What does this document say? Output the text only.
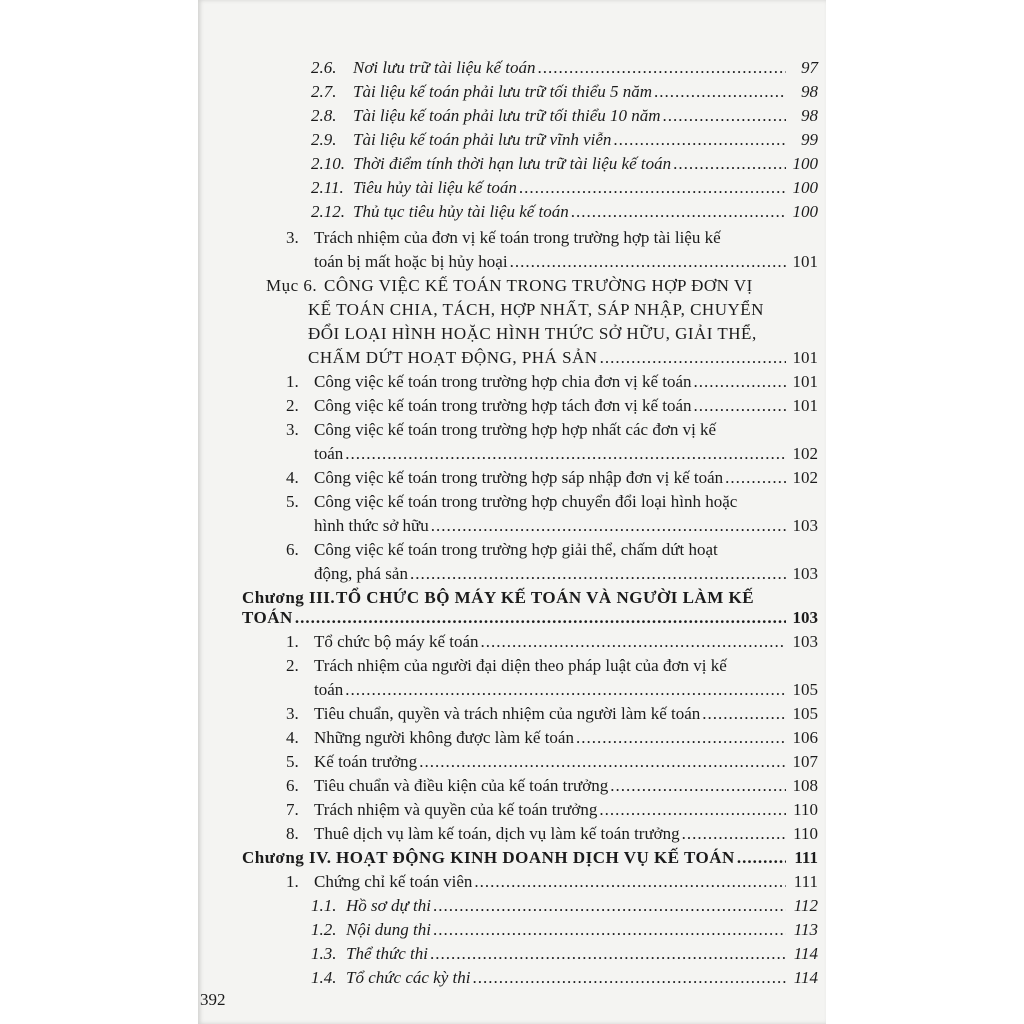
2.6. Nơi lưu trữ tài liệu kế toán .....	97
2.7. Tài liệu kế toán phải lưu trữ tối thiểu 5 năm .....	98
2.8. Tài liệu kế toán phải lưu trữ tối thiểu 10 năm .....	98
2.9. Tài liệu kế toán phải lưu trữ vĩnh viễn .....	99
2.10. Thời điểm tính thời hạn lưu trữ tài liệu kế toán .....	100
2.11. Tiêu hủy tài liệu kế toán .....	100
2.12. Thủ tục tiêu hủy tài liệu kế toán .....	100
3. Trách nhiệm của đơn vị kế toán trong trường hợp tài liệu kế
toán bị mất hoặc bị hủy hoại .....	101
Mục 6. CÔNG VIỆC KẾ TOÁN TRONG TRƯỜNG HỢP ĐƠN VỊ
KẾ TOÁN CHIA, TÁCH, HỢP NHẤT, SÁP NHẬP, CHUYỂN
ĐỔI LOẠI HÌNH HOẶC HÌNH THỨC SỞ HỮU, GIẢI THỂ,
CHẤM DỨT HOẠT ĐỘNG, PHÁ SẢN .....	101
1. Công việc kế toán trong trường hợp chia đơn vị kế toán .....	101
2. Công việc kế toán trong trường hợp tách đơn vị kế toán .....	101
3. Công việc kế toán trong trường hợp hợp nhất các đơn vị kế
toán .....	102
4. Công việc kế toán trong trường hợp sáp nhập đơn vị kế toán .....	102
5. Công việc kế toán trong trường hợp chuyển đổi loại hình hoặc
hình thức sở hữu .....	103
6. Công việc kế toán trong trường hợp giải thể, chấm dứt hoạt
động, phá sản .....	103
Chương III. TỔ CHỨC BỘ MÁY KẾ TOÁN VÀ NGƯỜI LÀM KẾ
TOÁN .....	103
1. Tổ chức bộ máy kế toán .....	103
2. Trách nhiệm của người đại diện theo pháp luật của đơn vị kế
toán .....	105
3. Tiêu chuẩn, quyền và trách nhiệm của người làm kế toán .....	105
4. Những người không được làm kế toán .....	106
5. Kế toán trưởng .....	107
6. Tiêu chuẩn và điều kiện của kế toán trưởng .....	108
7. Trách nhiệm và quyền của kế toán trưởng .....	110
8. Thuê dịch vụ làm kế toán, dịch vụ làm kế toán trưởng .....	110
Chương IV. HOẠT ĐỘNG KINH DOANH DỊCH VỤ KẾ TOÁN .....	111
1. Chứng chỉ kế toán viên .....	111
1.1. Hồ sơ dự thi .....	112
1.2. Nội dung thi .....	113
1.3. Thể thức thi .....	114
1.4. Tổ chức các kỳ thi .....	114
392
